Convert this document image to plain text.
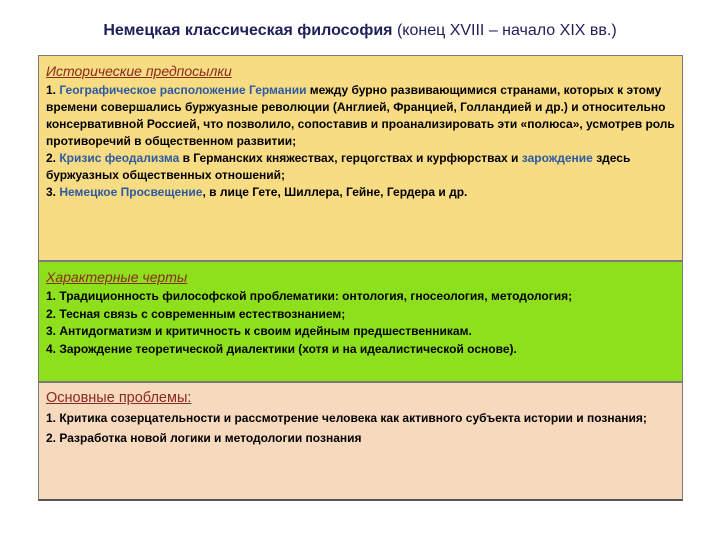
Немецкая классическая философия (конец XVIII – начало XIX вв.)

Исторические предпосылки

1. Географическое расположение Германии между бурно развивающимися странами, которых к этому времени совершались буржуазные революции (Англией, Францией, Голландией и др.) и относительно консервативной Россией, что позволило, сопоставив и проанализировать эти «полюса», усмотрев роль противоречий в общественном развитии;

2. Кризис феодализма в Германских княжествах, герцогствах и курфюрствах и зарождение здесь буржуазных общественных отношений;

3. Немецкое Просвещение, в лице Гете, Шиллера, Гейне, Гердера и др.

Характерные черты

1. Традиционность философской проблематики: онтология, гносеология, методология;

2. Тесная связь с современным естествознанием;

3. Антидогматизм и критичность к своим идейным предшественникам.

4. Зарождение теоретической диалектики (хотя и на идеалистической основе).

Основные проблемы:

1. Критика созерцательности и рассмотрение человека как активного субъекта истории и познания;

2. Разработка новой логики и методологии познания
